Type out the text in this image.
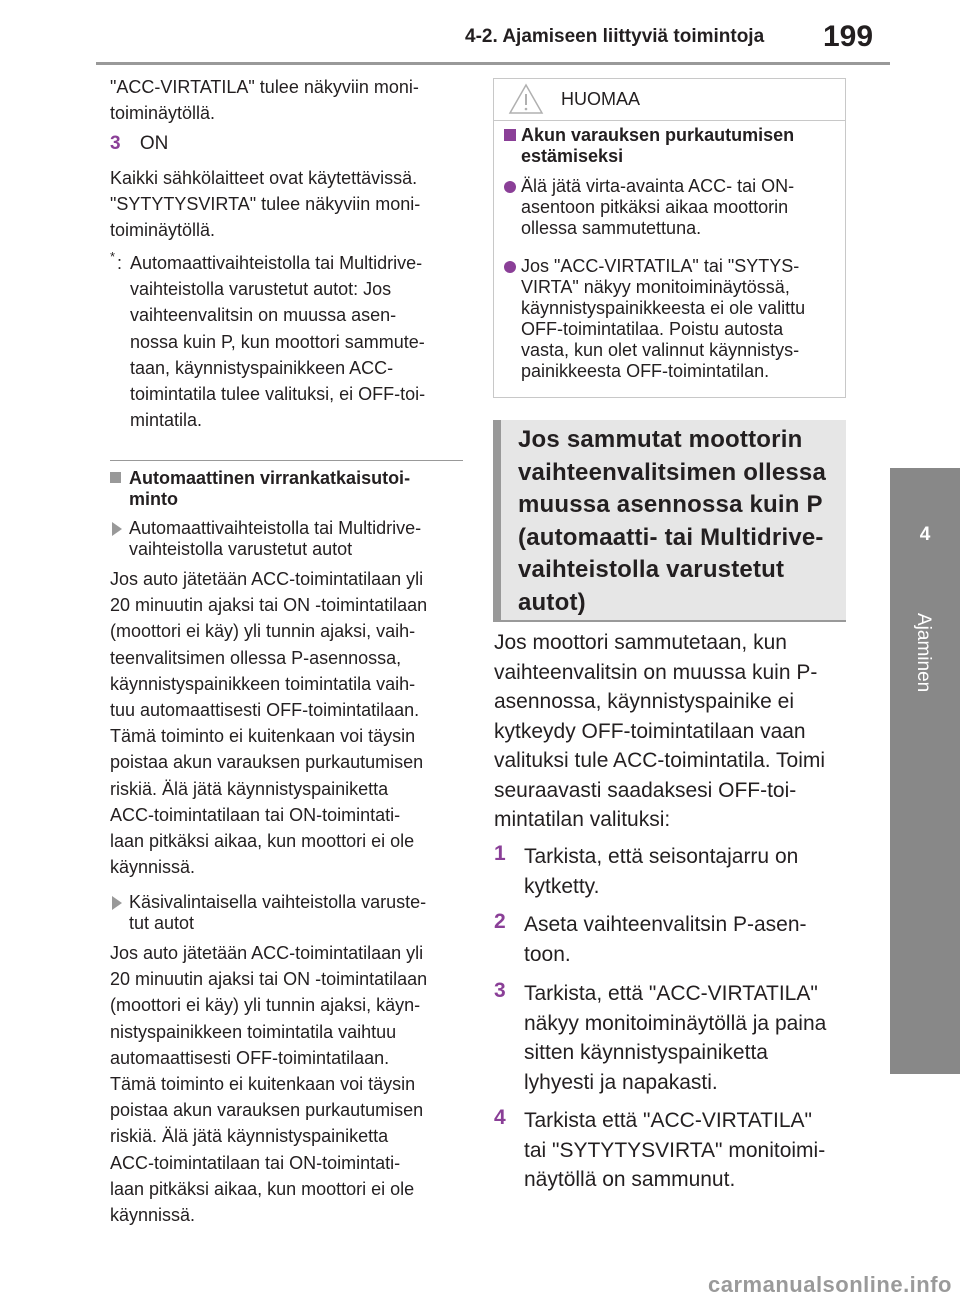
4-2. Ajamiseen liittyviä toimintoja 199
4
Ajaminen

"ACC-VIRTATILA" tulee näkyviin moni-
toiminäytöllä.

3 ON

Kaikki sähkölaitteet ovat käytettävissä.
"SYTYTYSVIRTA" tulee näkyviin moni-
toiminäytöllä.

* : Automaattivaihteistolla tai Multidrive-
vaihteistolla varustetut autot: Jos
vaihteenvalitsin on muussa asen-
nossa kuin P, kun moottori sammute-
taan, käynnistyspainikkeen ACC-
toimintatila tulee valituksi, ei OFF-toi-
mintatila.
Automaattinen virrankatkaisutoi-
minto
Automaattivaihteistolla tai Multidrive-
vaihteistolla varustetut autot

Jos auto jätetään ACC-toimintatilaan yli
20 minuutin ajaksi tai ON -toimintatilaan
(moottori ei käy) yli tunnin ajaksi, vaih-
teenvalitsimen ollessa P-asennossa,
käynnistyspainikkeen toimintatila vaih-
tuu automaattisesti OFF-toimintatilaan.
Tämä toiminto ei kuitenkaan voi täysin
poistaa akun varauksen purkautumisen
riskiä. Älä jätä käynnistyspainiketta
ACC-toimintatilaan tai ON-toimintati-
laan pitkäksi aikaa, kun moottori ei ole
käynnissä.

Käsivalintaisella vaihteistolla varuste-
tut autot

Jos auto jätetään ACC-toimintatilaan yli
20 minuutin ajaksi tai ON -toimintatilaan
(moottori ei käy) yli tunnin ajaksi, käyn-
nistyspainikkeen toimintatila vaihtuu
automaattisesti OFF-toimintatilaan.
Tämä toiminto ei kuitenkaan voi täysin
poistaa akun varauksen purkautumisen
riskiä. Älä jätä käynnistyspainiketta
ACC-toimintatilaan tai ON-toimintati-
laan pitkäksi aikaa, kun moottori ei ole
käynnissä.

HUOMAA
Akun varauksen purkautumisen
estämiseksi
Älä jätä virta-avainta ACC- tai ON-
asentoon pitkäksi aikaa moottorin
ollessa sammutettuna.
Jos "ACC-VIRTATILA" tai "SYTYS-
VIRTA" näkyy monitoiminäytössä,
käynnistyspainikkeesta ei ole valittu
OFF-toimintatilaa. Poistu autosta
vasta, kun olet valinnut käynnistys-
painikkeesta OFF-toimintatilan.
Jos sammutat moottorin
vaihteenvalitsimen ollessa
muussa asennossa kuin P
(automaatti- tai Multidrive-
vaihteistolla varustetut
autot)
Jos moottori sammutetaan, kun
vaihteenvalitsin on muussa kuin P-
asennossa, käynnistyspainike ei
kytkeydy OFF-toimintatilaan vaan
valituksi tule ACC-toimintatila. Toimi
seuraavasti saadaksesi OFF-toi-
mintatilan valituksi:
1 Tarkista, että seisontajarru on
kytketty.
2 Aseta vaihteenvalitsin P-asen-
toon.
3 Tarkista, että "ACC-VIRTATILA"
näkyy monitoiminäytöllä ja paina
sitten käynnistyspainiketta
lyhyesti ja napakasti.
4 Tarkista että "ACC-VIRTATILA"
tai "SYTYTYSVIRTA" monitoimi-
näytöllä on sammunut.
carmanualsonline.info
